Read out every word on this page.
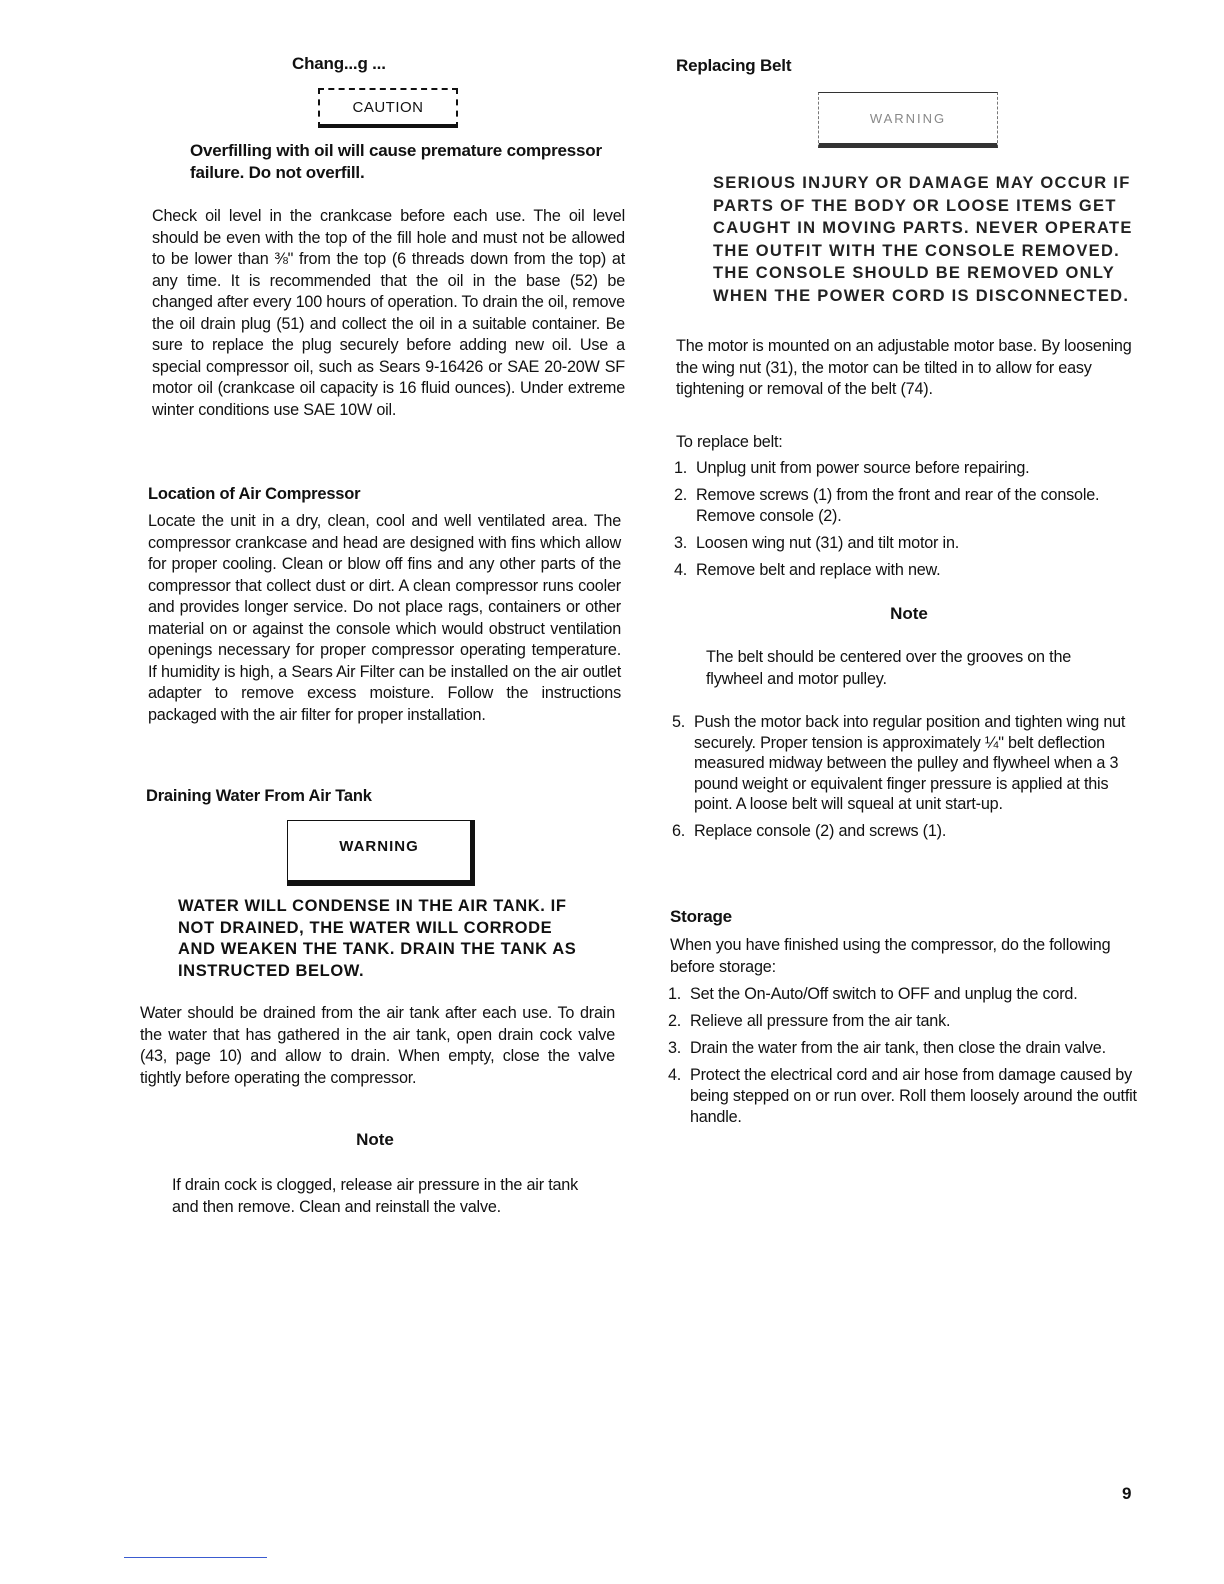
Chang...g ...
CAUTION

Overfilling with oil will cause premature compressor failure. Do not overfill.

Check oil level in the crankcase before each use. The oil level should be even with the top of the fill hole and must not be allowed to be lower than ⅜" from the top (6 threads down from the top) at any time. It is recommended that the oil in the base (52) be changed after every 100 hours of operation. To drain the oil, remove the oil drain plug (51) and collect the oil in a suitable container. Be sure to replace the plug securely before adding new oil. Use a special compressor oil, such as Sears 9-16426 or SAE 20-20W SF motor oil (crankcase oil capacity is 16 fluid ounces). Under extreme winter conditions use SAE 10W oil.

Location of Air Compressor

Locate the unit in a dry, clean, cool and well ventilated area. The compressor crankcase and head are designed with fins which allow for proper cooling. Clean or blow off fins and any other parts of the compressor that collect dust or dirt. A clean compressor runs cooler and provides longer service. Do not place rags, containers or other material on or against the console which would obstruct ventilation openings necessary for proper compressor operating temperature. If humidity is high, a Sears Air Filter can be installed on the air outlet adapter to remove excess moisture. Follow the instructions packaged with the air filter for proper installation.

Draining Water From Air Tank
WARNING

WATER WILL CONDENSE IN THE AIR TANK. IF NOT DRAINED, THE WATER WILL CORRODE AND WEAKEN THE TANK. DRAIN THE TANK AS INSTRUCTED BELOW.

Water should be drained from the air tank after each use. To drain the water that has gathered in the air tank, open drain cock valve (43, page 10) and allow to drain. When empty, close the valve tightly before operating the compressor.

Note

If drain cock is clogged, release air pressure in the air tank and then remove. Clean and reinstall the valve.

Replacing Belt
WARNING

SERIOUS INJURY OR DAMAGE MAY OCCUR IF PARTS OF THE BODY OR LOOSE ITEMS GET CAUGHT IN MOVING PARTS. NEVER OPERATE THE OUTFIT WITH THE CONSOLE REMOVED. THE CONSOLE SHOULD BE REMOVED ONLY WHEN THE POWER CORD IS DISCONNECTED.

The motor is mounted on an adjustable motor base. By loosening the wing nut (31), the motor can be tilted in to allow for easy tightening or removal of the belt (74).

To replace belt:
1. Unplug unit from power source before repairing.
2. Remove screws (1) from the front and rear of the console. Remove console (2).
3. Loosen wing nut (31) and tilt motor in.
4. Remove belt and replace with new.
Note

The belt should be centered over the grooves on the flywheel and motor pulley.

5. Push the motor back into regular position and tighten wing nut securely. Proper tension is approximately ¼" belt deflection measured midway between the pulley and flywheel when a 3 pound weight or equivalent finger pressure is applied at this point. A loose belt will squeal at unit start-up.
6. Replace console (2) and screws (1).
Storage

When you have finished using the compressor, do the following before storage:

1. Set the On-Auto/Off switch to OFF and unplug the cord.
2. Relieve all pressure from the air tank.
3. Drain the water from the air tank, then close the drain valve.
4. Protect the electrical cord and air hose from damage caused by being stepped on or run over. Roll them loosely around the outfit handle.
9
